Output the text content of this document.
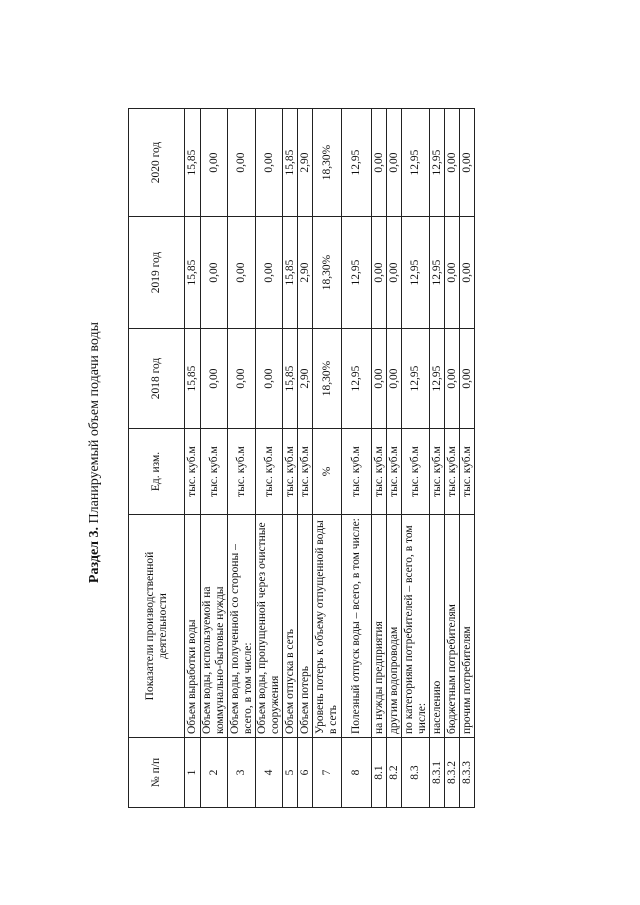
Раздел 3. Планируемый объем подачи воды
№ п/п	Показатели производственной деятельности	Ед. изм.	2018 год	2019 год	2020 год
1	Объем выработки воды	тыс. куб.м	15,85	15,85	15,85
2	Объем воды, используемой на коммунально-бытовые нужды	тыс. куб.м	0,00	0,00	0,00
3	Объем воды, полученной со стороны – всего, в том числе:	тыс. куб.м	0,00	0,00	0,00
4	Объем воды, пропущенной через очистные сооружения	тыс. куб.м	0,00	0,00	0,00
5	Объем отпуска в сеть	тыс. куб.м	15,85	15,85	15,85
6	Объем потерь	тыс. куб.м	2,90	2,90	2,90
7	Уровень потерь к объему отпущенной воды в сеть	%	18,30%	18,30%	18,30%
8	Полезный отпуск воды – всего, в том числе:	тыс. куб.м	12,95	12,95	12,95
8.1	на нужды предприятия	тыс. куб.м	0,00	0,00	0,00
8.2	другим водопроводам	тыс. куб.м	0,00	0,00	0,00
8.3	по категориям потребителей – всего, в том числе:	тыс. куб.м	12,95	12,95	12,95
8.3.1	населению	тыс. куб.м	12,95	12,95	12,95
8.3.2	бюджетным потребителям	тыс. куб.м	0,00	0,00	0,00
8.3.3	прочим потребителям	тыс. куб.м	0,00	0,00	0,00
